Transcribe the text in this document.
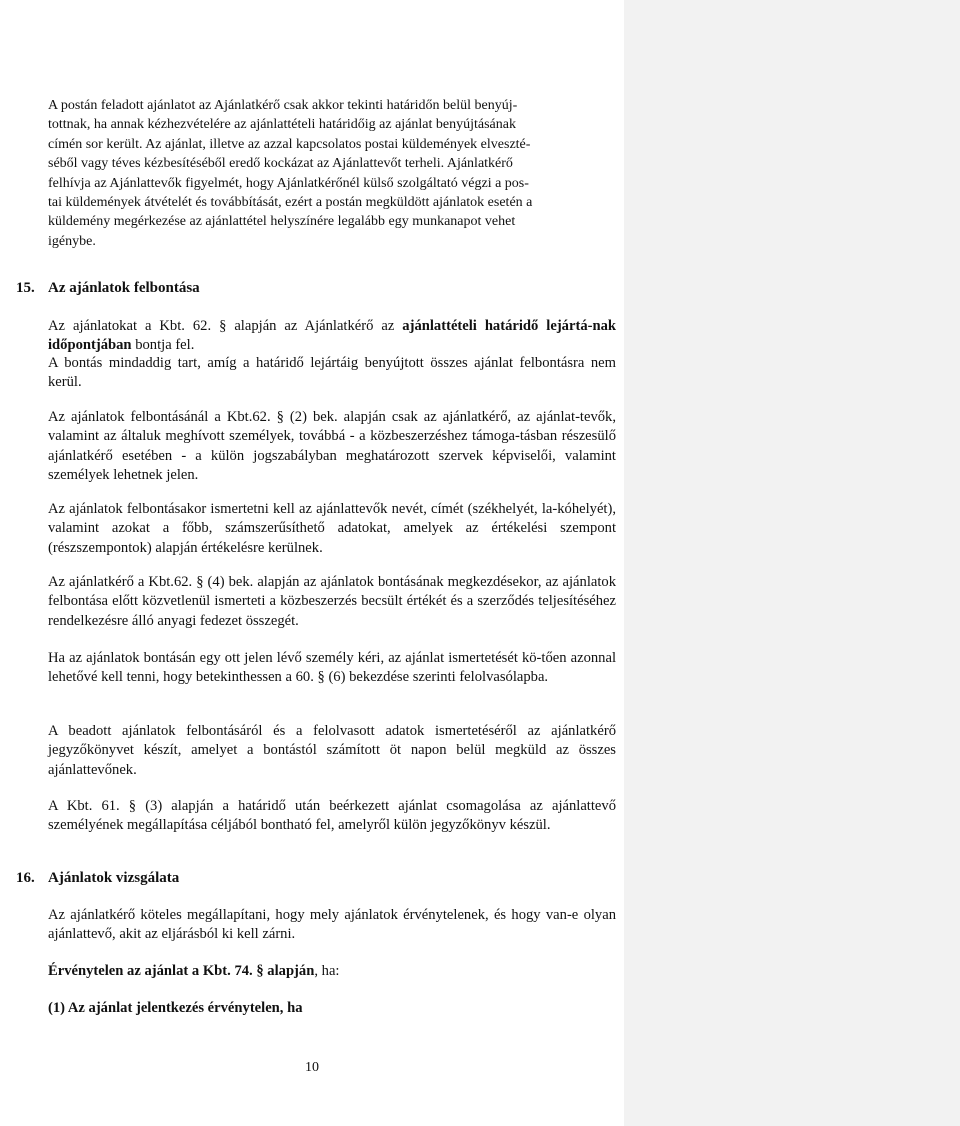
A postán feladott ajánlatot az Ajánlatkérő csak akkor tekinti határidőn belül benyúj-
tottnak, ha annak kézhezvételére az ajánlattételi határidőig az ajánlat benyújtásának
címén sor került. Az ajánlat, illetve az azzal kapcsolatos postai küldemények elveszté-
séből vagy téves kézbesítéséből eredő kockázat az Ajánlattevőt terheli. Ajánlatkérő
felhívja az Ajánlattevők figyelmét, hogy Ajánlatkérőnél külső szolgáltató végzi a pos-
tai küldemények átvételét és továbbítását, ezért a postán megküldött ajánlatok esetén a
küldemény megérkezése az ajánlattétel helyszínére legalább egy munkanapot vehet
igénybe.
15. Az ajánlatok felbontása

Az ajánlatokat a Kbt. 62. § alapján az Ajánlatkérő az ajánlattételi határidő lejártá-nak időpontjában bontja fel.

A bontás mindaddig tart, amíg a határidő lejártáig benyújtott összes ajánlat felbontásra nem kerül.

Az ajánlatok felbontásánál a Kbt.62. § (2) bek. alapján csak az ajánlatkérő, az ajánlat-tevők, valamint az általuk meghívott személyek, továbbá - a közbeszerzéshez támoga-tásban részesülő ajánlatkérő esetében - a külön jogszabályban meghatározott szervek képviselői, valamint személyek lehetnek jelen.

Az ajánlatok felbontásakor ismertetni kell az ajánlattevők nevét, címét (székhelyét, la-kóhelyét), valamint azokat a főbb, számszerűsíthető adatokat, amelyek az értékelési szempont (részszempontok) alapján értékelésre kerülnek.

Az ajánlatkérő a Kbt.62. § (4) bek. alapján az ajánlatok bontásának megkezdésekor, az ajánlatok felbontása előtt közvetlenül ismerteti a közbeszerzés becsült értékét és a szerződés teljesítéséhez rendelkezésre álló anyagi fedezet összegét.

Ha az ajánlatok bontásán egy ott jelen lévő személy kéri, az ajánlat ismertetését kö-tően azonnal lehetővé kell tenni, hogy betekinthessen a 60. § (6) bekezdése szerinti felolvasólapba.

A beadott ajánlatok felbontásáról és a felolvasott adatok ismertetéséről az ajánlatkérő jegyzőkönyvet készít, amelyet a bontástól számított öt napon belül megküld az összes ajánlattevőnek.

A Kbt. 61. § (3) alapján a határidő után beérkezett ajánlat csomagolása az ajánlattevő személyének megállapítása céljából bontható fel, amelyről külön jegyzőkönyv készül.

16. Ajánlatok vizsgálata

Az ajánlatkérő köteles megállapítani, hogy mely ajánlatok érvénytelenek, és hogy van-e olyan ajánlattevő, akit az eljárásból ki kell zárni.

Érvénytelen az ajánlat a Kbt. 74. § alapján, ha:

(1) Az ajánlat jelentkezés érvénytelen, ha

10
